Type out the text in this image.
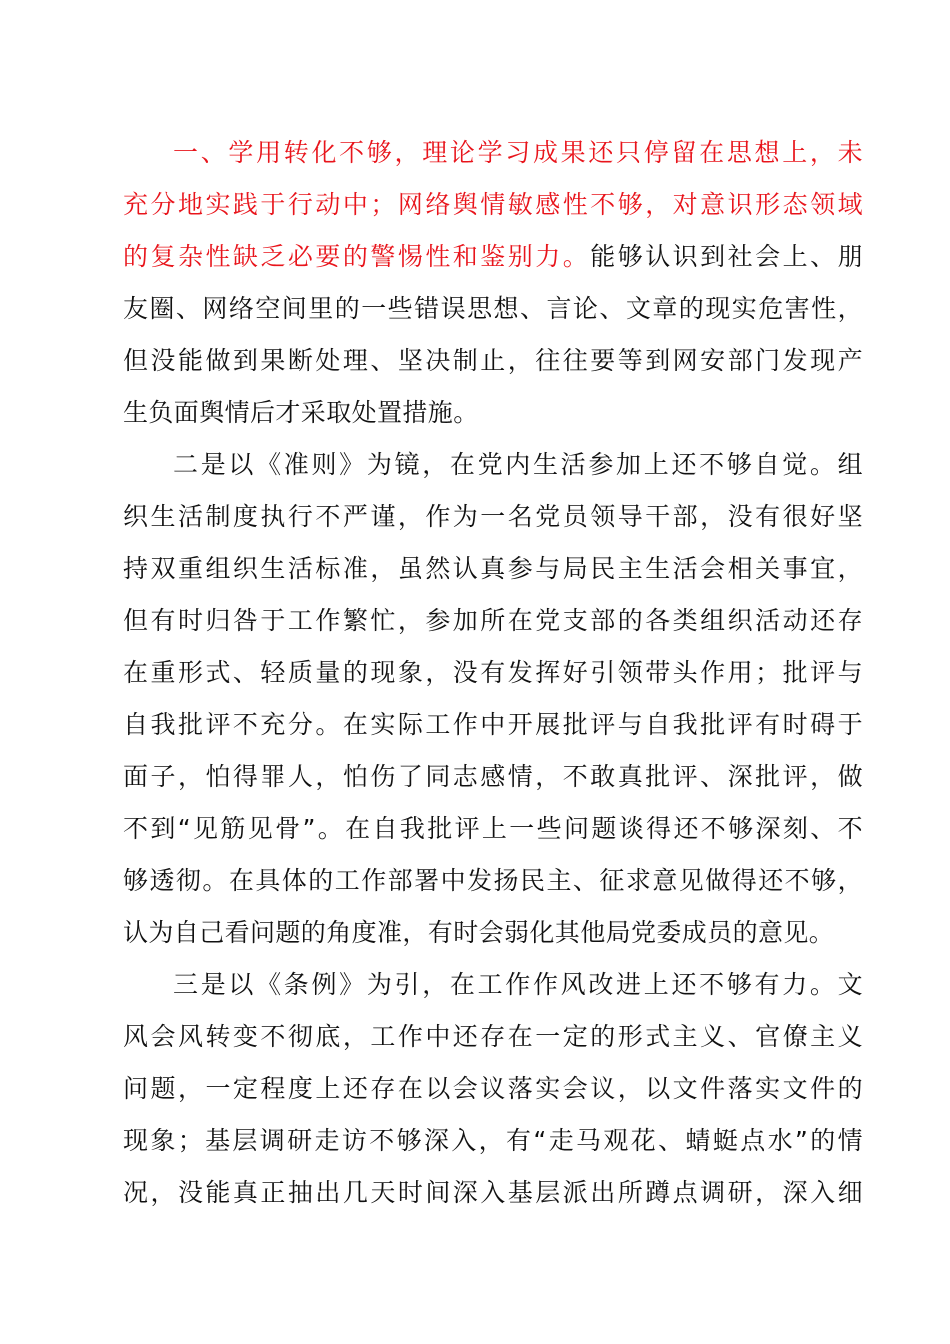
一、学用转化不够，理论学习成果还只停留在思想上，未
充分地实践于行动中；网络舆情敏感性不够，对意识形态领域
的复杂性缺乏必要的警惕性和鉴别力。能够认识到社会上、朋
友圈、网络空间里的一些错误思想、言论、文章的现实危害性，
但没能做到果断处理、坚决制止，往往要等到网安部门发现产
生负面舆情后才采取处置措施。
二是以《准则》为镜，在党内生活参加上还不够自觉。组
织生活制度执行不严谨，作为一名党员领导干部，没有很好坚
持双重组织生活标准，虽然认真参与局民主生活会相关事宜，
但有时归咎于工作繁忙，参加所在党支部的各类组织活动还存
在重形式、轻质量的现象，没有发挥好引领带头作用；批评与
自我批评不充分。在实际工作中开展批评与自我批评有时碍于
面子，怕得罪人，怕伤了同志感情，不敢真批评、深批评，做
不到“见筋见骨”。在自我批评上一些问题谈得还不够深刻、不
够透彻。在具体的工作部署中发扬民主、征求意见做得还不够，
认为自己看问题的角度准，有时会弱化其他局党委成员的意见。
三是以《条例》为引，在工作作风改进上还不够有力。文
风会风转变不彻底，工作中还存在一定的形式主义、官僚主义
问题，一定程度上还存在以会议落实会议，以文件落实文件的
现象；基层调研走访不够深入，有“走马观花、蜻蜓点水”的情
况，没能真正抽出几天时间深入基层派出所蹲点调研，深入细
